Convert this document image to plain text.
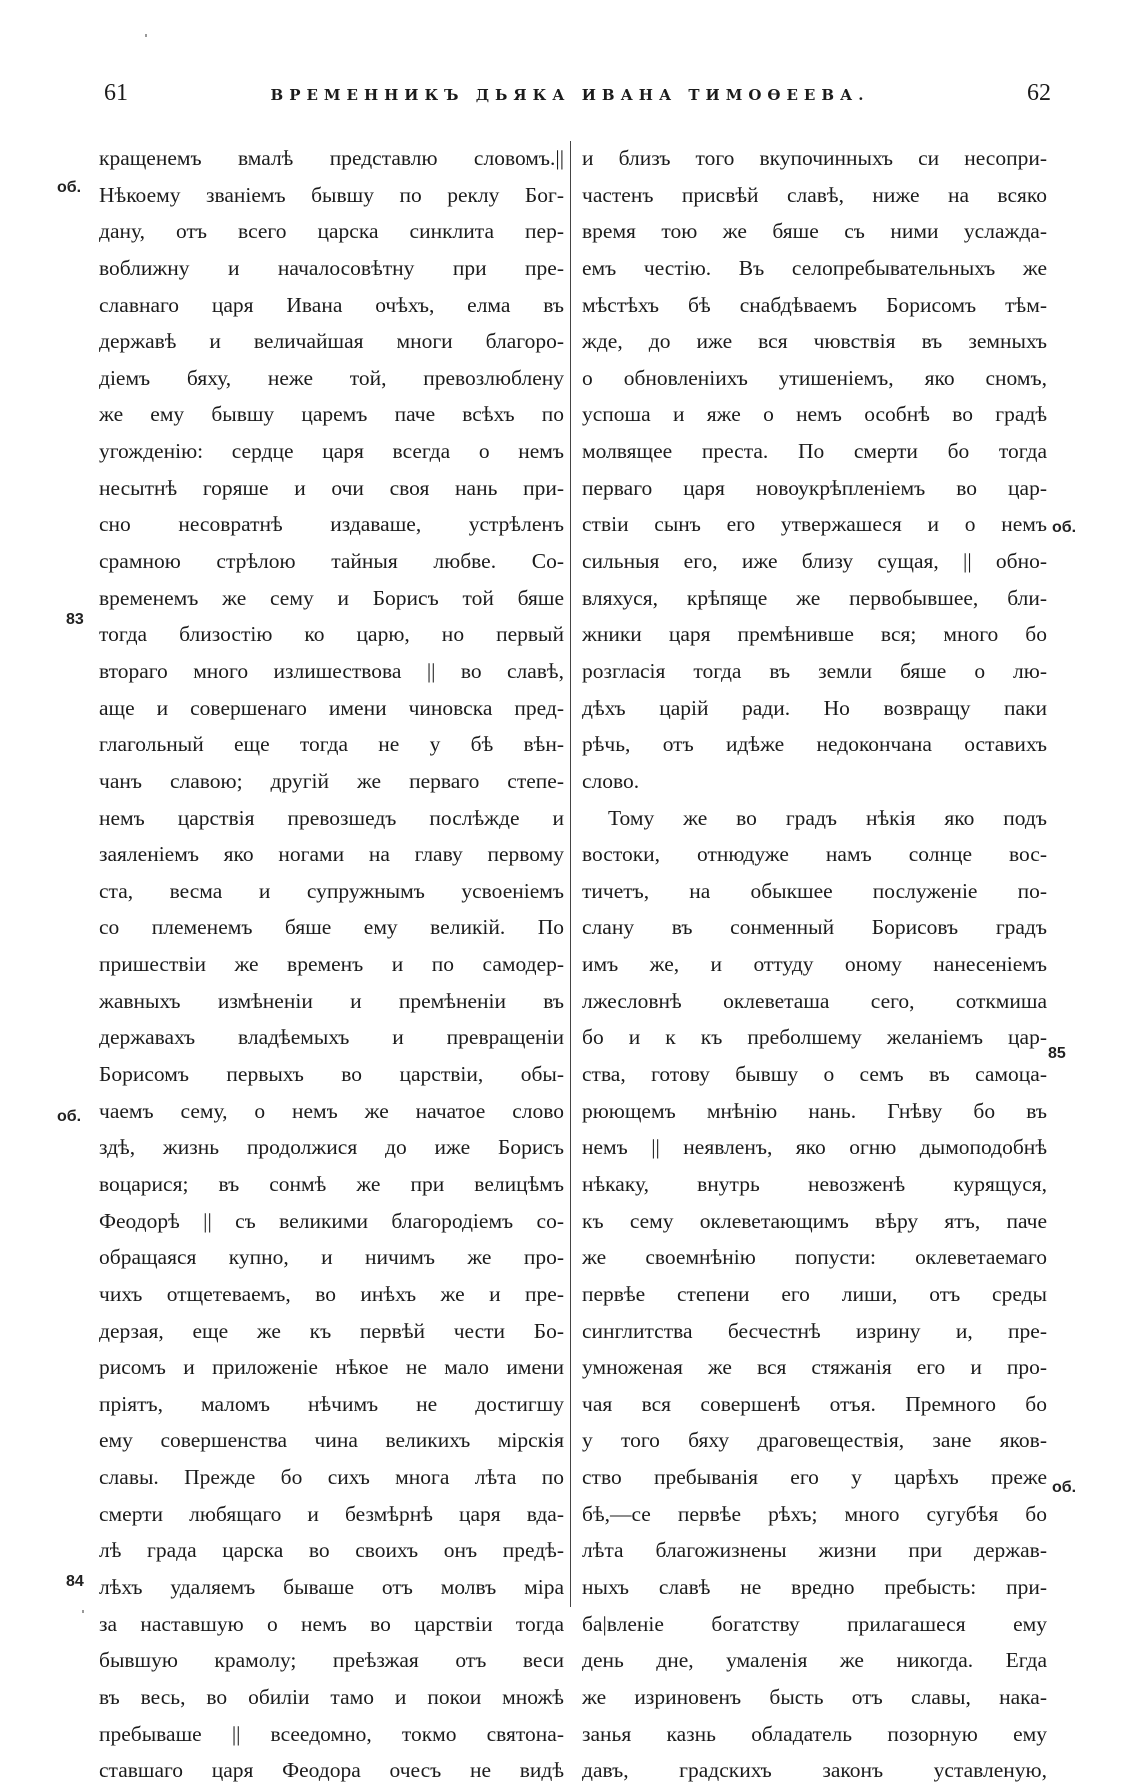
61	ВРЕМЕННИКЪ ДЬЯКА ИВАНА ТИМОѲЕЕВА.	62
об.
83
об.
84
об.
85
об.
кращенемъ вмалѣ представлю словомъ.||
Нѣкоему званіемъ бывшу по реклу Бог-
дану, отъ всего царска синклита пер-
воближну и началосовѣтну при пре-
славнаго царя Ивана очѣхъ, елма въ
державѣ и величайшая многи благоро-
діемъ бяху, неже той, превозлюблену
же ему бывшу царемъ паче всѣхъ по
угожденію: сердце царя всегда о немъ
несытнѣ горяше и очи своя нань при-
сно несовратнѣ издаваше, устрѣленъ
срамною стрѣлою тайныя любве. Со-
временемъ же сему и Борисъ той бяше
тогда близостію ко царю, но первый
втораго много излишествова || во славѣ,
аще и совершенаго имени чиновска пред-
глагольный еще тогда не у бѣ вѣн-
чанъ славою; другій же перваго степе-
немъ царствія превозшедъ послѣжде и
заяленіемъ яко ногами на главу первому
ста, весма и супружнымъ усвоеніемъ
со племенемъ бяше ему великій. По
пришествіи же временъ и по самодер-
жавныхъ измѣненіи и премѣненіи въ
державахъ владѣемыхъ и превращеніи
Борисомъ первыхъ во царствіи, обы-
чаемъ сему, о немъ же начатое слово
здѣ, жизнь продолжися до иже Борисъ
воцарися; въ сонмѣ же при велицѣмъ
Феодорѣ || съ великими благородіемъ со-
обращаяся купно, и ничимъ же про-
чихъ отщетеваемъ, во инѣхъ же и пре-
дерзая, еще же къ первѣй чести Бо-
рисомъ и приложеніе нѣкое не мало имени
пріятъ, маломъ нѣчимъ не достигшу
ему совершенства чина великихъ мірскія
славы. Прежде бо сихъ многа лѣта по
смерти любящаго и безмѣрнѣ царя вда-
лѣ града царска во своихъ онъ предѣ-
лѣхъ удаляемъ бываше отъ молвъ міра
за наставшую о немъ во царствіи тогда
бывшую крамолу; преѣзжая отъ веси
въ весь, во обиліи тамо и покои множѣ
пребываше || всеедомно, токмо святона-
ставшаго царя Феодора очесъ не видѣ
и близъ того вкупочинныхъ си несопри-
частенъ присвѣй славѣ, ниже на всяко
время тою же бяше съ ними услажда-
емъ честію. Въ селопребывательныхъ же
мѣстѣхъ бѣ снабдѣваемъ Борисомъ тѣм-
жде, до иже вся чювствія въ земныхъ
о обновленіихъ утишеніемъ, яко сномъ,
успоша и яже о немъ особнѣ во градѣ
молвящее преста. По смерти бо тогда
перваго царя новоукрѣпленіемъ во цар-
ствіи сынъ его утвержашеся и о немъ
сильныя его, иже близу сущая, || обно-
вляхуся, крѣпяще же первобывшее, бли-
жники царя премѣнивше вся; много бо
розгласія тогда въ земли бяше о лю-
дѣхъ царій ради. Но возвращу паки
рѣчь, отъ идѣже недокончана оставихъ
слово.
Тому же во градъ нѣкія яко подъ
востоки, отнюдуже намъ солнце вос-
тичетъ, на обыкшее послуженіе по-
слану въ сонменный Борисовъ градъ
имъ же, и оттуду оному нанесеніемъ
лжесловнѣ оклеветаша сего, соткмиша
бо и к къ преболшему желаніемъ цар-
ства, готову бывшу о семъ въ самоца-
рюющемъ мнѣнію нань. Гнѣву бо въ
немъ || неявленъ, яко огню дымоподобнѣ
нѣкаку, внутрь невозженѣ курящуся,
къ сему оклеветающимъ вѣру ятъ, паче
же своемнѣнію попусти: оклеветаемаго
первѣе степени его лиши, отъ среды
синглитства бесчестнѣ изрину и, пре-
умноженая же вся стяжанія его и про-
чая вся совершенѣ отъя. Премного бо
у того бяху драговеществія, зане яков-
ство пребыванія его у царѣхъ преже
бѣ,—се первѣе рѣхъ; много сугубѣя бо
лѣта благожизнены жизни при держав-
ныхъ славѣ не вредно пребысть: при-
ба|вленіе богатству прилагашеся ему
день дне, умаленія же никогда. Егда
же изриновенъ бысть отъ славы, нака-
занья казнь обладатель позорную ему
давъ, градскихъ законъ уставленую,
